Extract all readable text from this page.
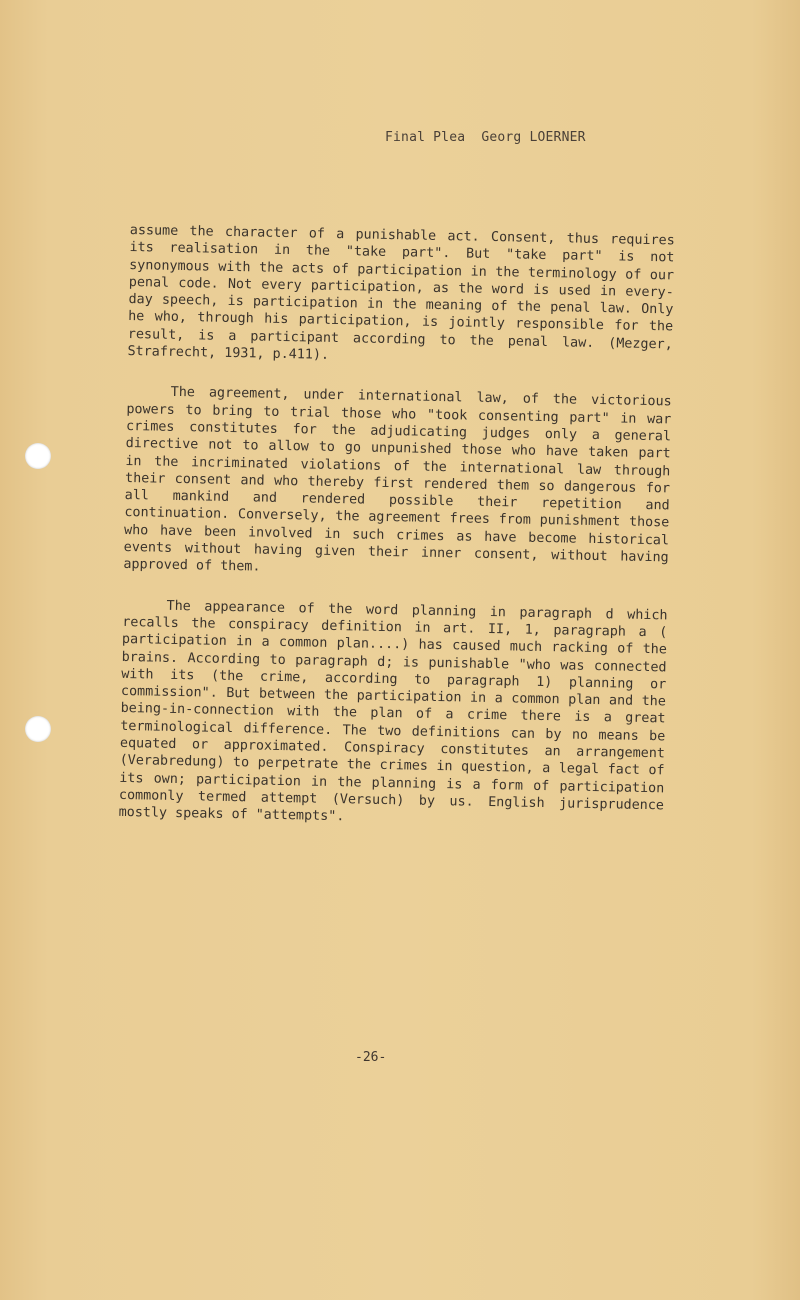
Final Plea  Georg LOERNER

assume the character of a punishable act. Consent, thus requires its realisation in the "take part". But "take part" is not synonymous with the acts of participation in the terminology of our penal code. Not every participation, as the word is used in every-day speech, is participation in the meaning of the penal law. Only he who, through his participation, is jointly responsible for the result, is a participant according to the penal law. (Mezger, Strafrecht, 1931, p.411).

The agreement, under international law, of the victorious powers to bring to trial those who "took consenting part" in war crimes constitutes for the adjudicating judges only a general directive not to allow to go unpunished those who have taken part in the incriminated violations of the international law through their consent and who thereby first rendered them so dangerous for all mankind and rendered possible their repetition and continuation. Conversely, the agreement frees from punishment those who have been involved in such crimes as have become historical events without having given their inner consent, without having approved of them.

The appearance of the word planning in paragraph d which recalls the conspiracy definition in art. II, 1, paragraph a ( participation in a common plan....) has caused much racking of the brains. According to paragraph d; is punishable "who was connected with its (the crime, according to paragraph 1) planning or commission". But between the participation in a common plan and the being-in-connection with the plan of a crime there is a great terminological difference. The two definitions can by no means be equated or approximated. Conspiracy constitutes an arrangement (Verabredung) to perpetrate the crimes in question, a legal fact of its own; participation in the planning is a form of participation commonly termed attempt (Versuch) by us. English jurisprudence mostly speaks of "attempts".

-26-
